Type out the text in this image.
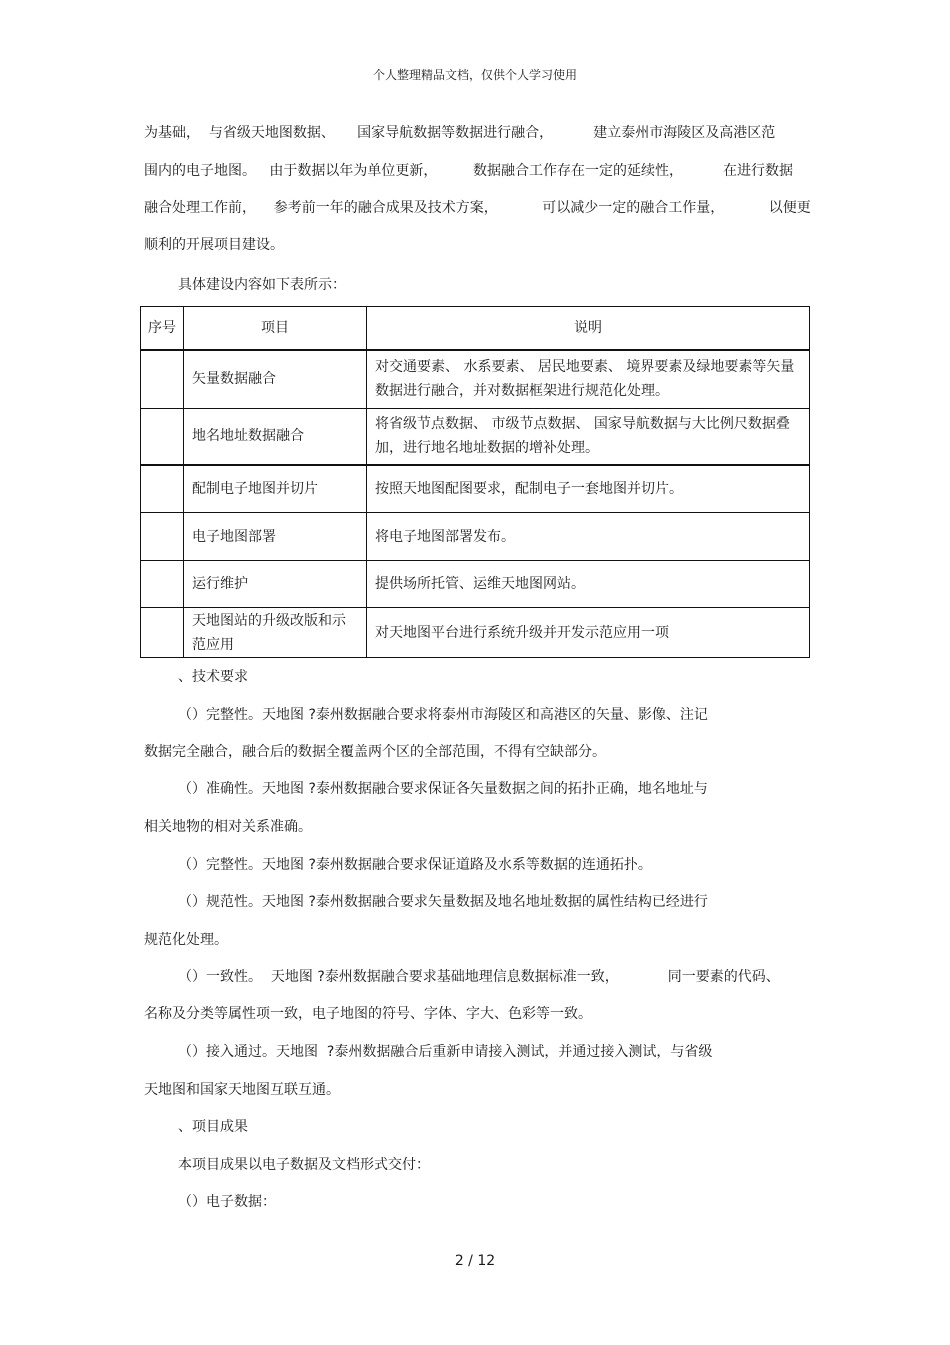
个人整理精品文档，仅供个人学习使用
为基础，  与省级天地图数据、     国家导航数据等数据进行融合，         建立泰州市海陵区及高港区范
围内的电子地图。   由于数据以年为单位更新，        数据融合工作存在一定的延续性，         在进行数据
融合处理工作前，    参考前一年的融合成果及技术方案，          可以减少一定的融合工作量，          以便更
顺利的开展项目建设。
具体建设内容如下表所示：
序号	项目	说明
	矢量数据融合	对交通要素、 水系要素、 居民地要素、 境界要素及绿地要素等矢量数据进行融合，并对数据框架进行规范化处理。
	地名地址数据融合	将省级节点数据、 市级节点数据、 国家导航数据与大比例尺数据叠加，进行地名地址数据的增补处理。
	配制电子地图并切片	按照天地图配图要求，配制电子一套地图并切片。
	电子地图部署	将电子地图部署发布。
	运行维护	提供场所托管、运维天地图网站。
	天地图站的升级改版和示范应用	对天地图平台进行系统升级并开发示范应用一项
、技术要求
（）完整性。天地图 ?泰州数据融合要求将泰州市海陵区和高港区的矢量、影像、注记
数据完全融合，融合后的数据全覆盖两个区的全部范围，不得有空缺部分。
（）准确性。天地图 ?泰州数据融合要求保证各矢量数据之间的拓扑正确，地名地址与
相关地物的相对关系准确。
（）完整性。天地图 ?泰州数据融合要求保证道路及水系等数据的连通拓扑。
（）规范性。天地图 ?泰州数据融合要求矢量数据及地名地址数据的属性结构已经进行
规范化处理。
（）一致性。  天地图 ?泰州数据融合要求基础地理信息数据标准一致，           同一要素的代码、
名称及分类等属性项一致，电子地图的符号、字体、字大、色彩等一致。
（）接入通过。天地图  ?泰州数据融合后重新申请接入测试，并通过接入测试，与省级
天地图和国家天地图互联互通。
、项目成果
本项目成果以电子数据及文档形式交付：
（）电子数据：
2 / 12
